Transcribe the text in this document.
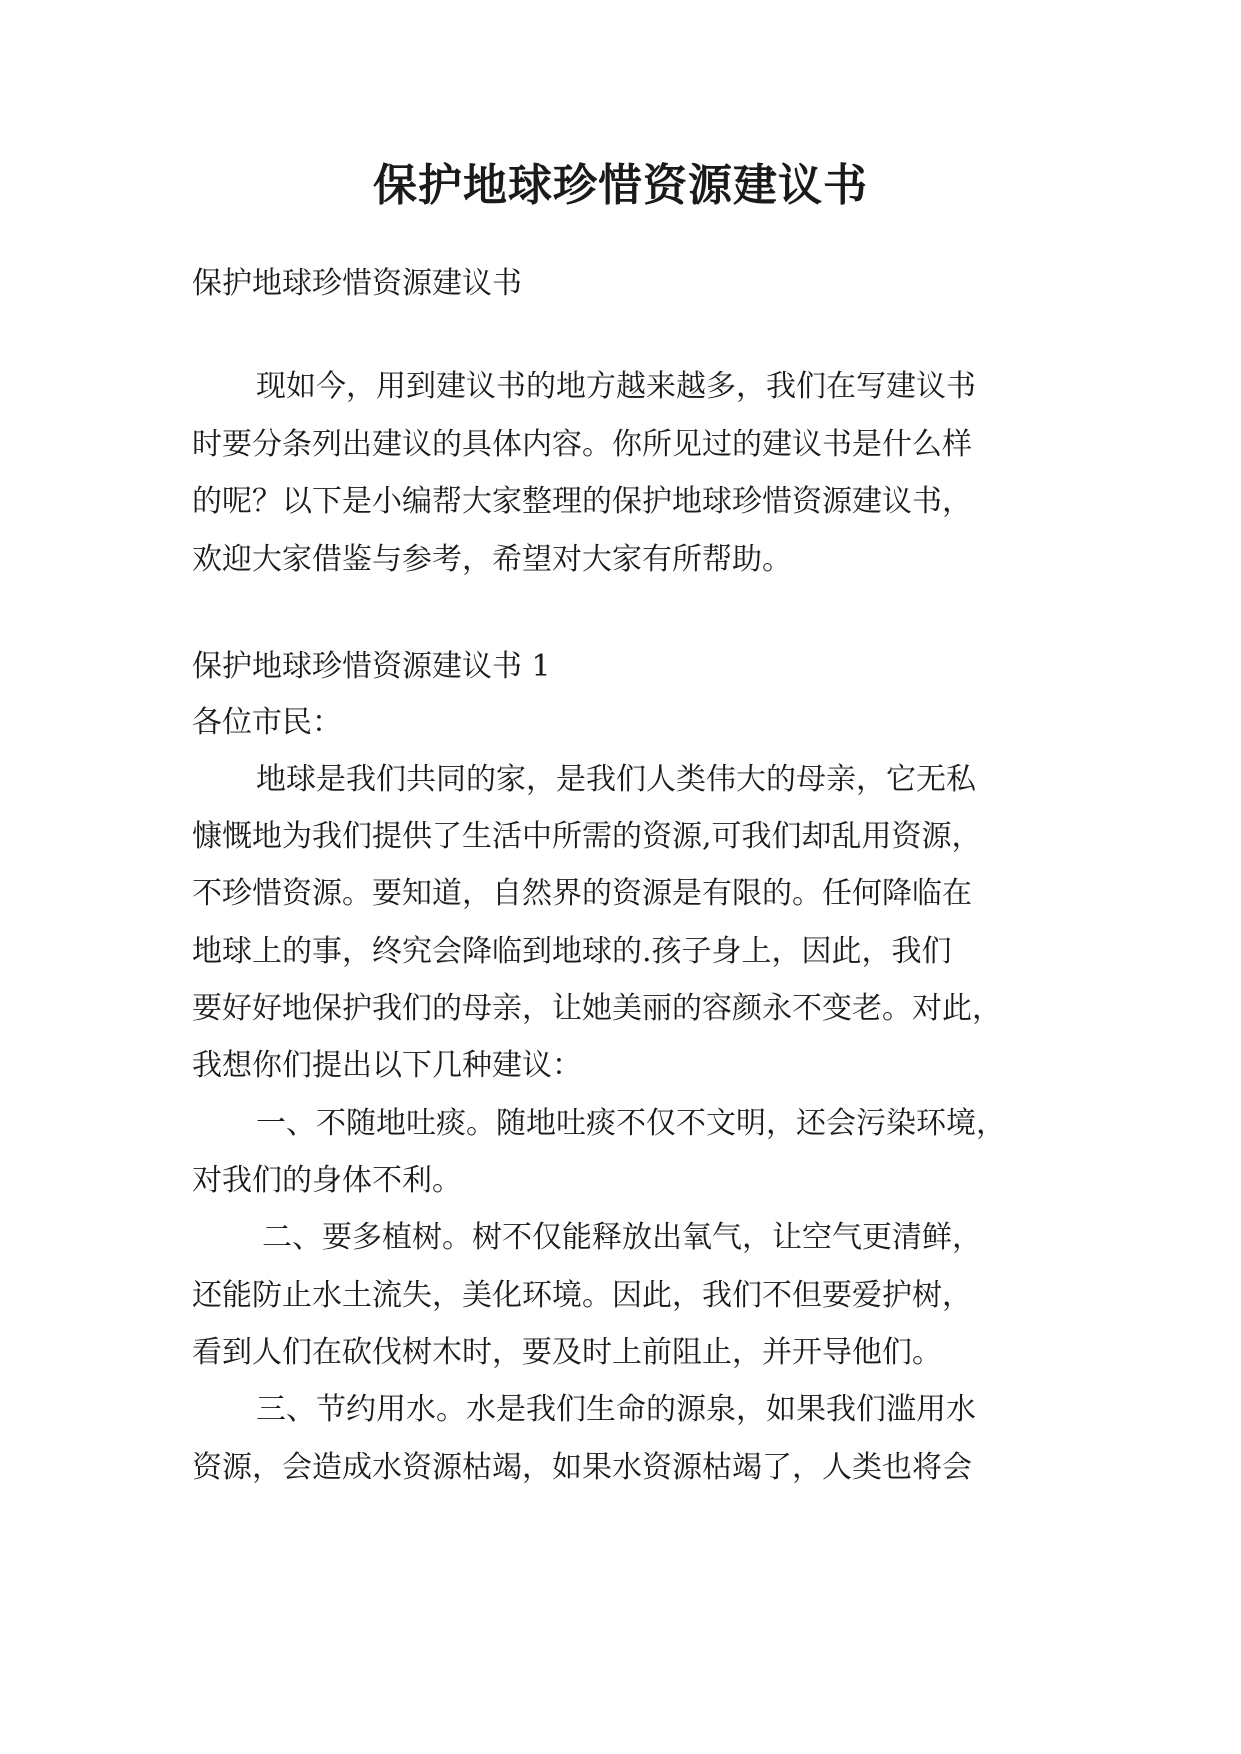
保护地球珍惜资源建议书

保护地球珍惜资源建议书

现如今，用到建议书的地方越来越多，我们在写建议书

时要分条列出建议的具体内容。你所见过的建议书是什么样

的呢？以下是小编帮大家整理的保护地球珍惜资源建议书，

欢迎大家借鉴与参考，希望对大家有所帮助。

保护地球珍惜资源建议书 1

各位市民：

地球是我们共同的家，是我们人类伟大的母亲，它无私

慷慨地为我们提供了生活中所需的资源,可我们却乱用资源，

不珍惜资源。要知道，自然界的资源是有限的。任何降临在

地球上的事，终究会降临到地球的.孩子身上，因此，我们

要好好地保护我们的母亲，让她美丽的容颜永不变老。对此，

我想你们提出以下几种建议：

一、不随地吐痰。随地吐痰不仅不文明，还会污染环境，

对我们的身体不利。

二、要多植树。树不仅能释放出氧气，让空气更清鲜，

还能防止水土流失，美化环境。因此，我们不但要爱护树，

看到人们在砍伐树木时，要及时上前阻止，并开导他们。

三、节约用水。水是我们生命的源泉，如果我们滥用水

资源，会造成水资源枯竭，如果水资源枯竭了，人类也将会
